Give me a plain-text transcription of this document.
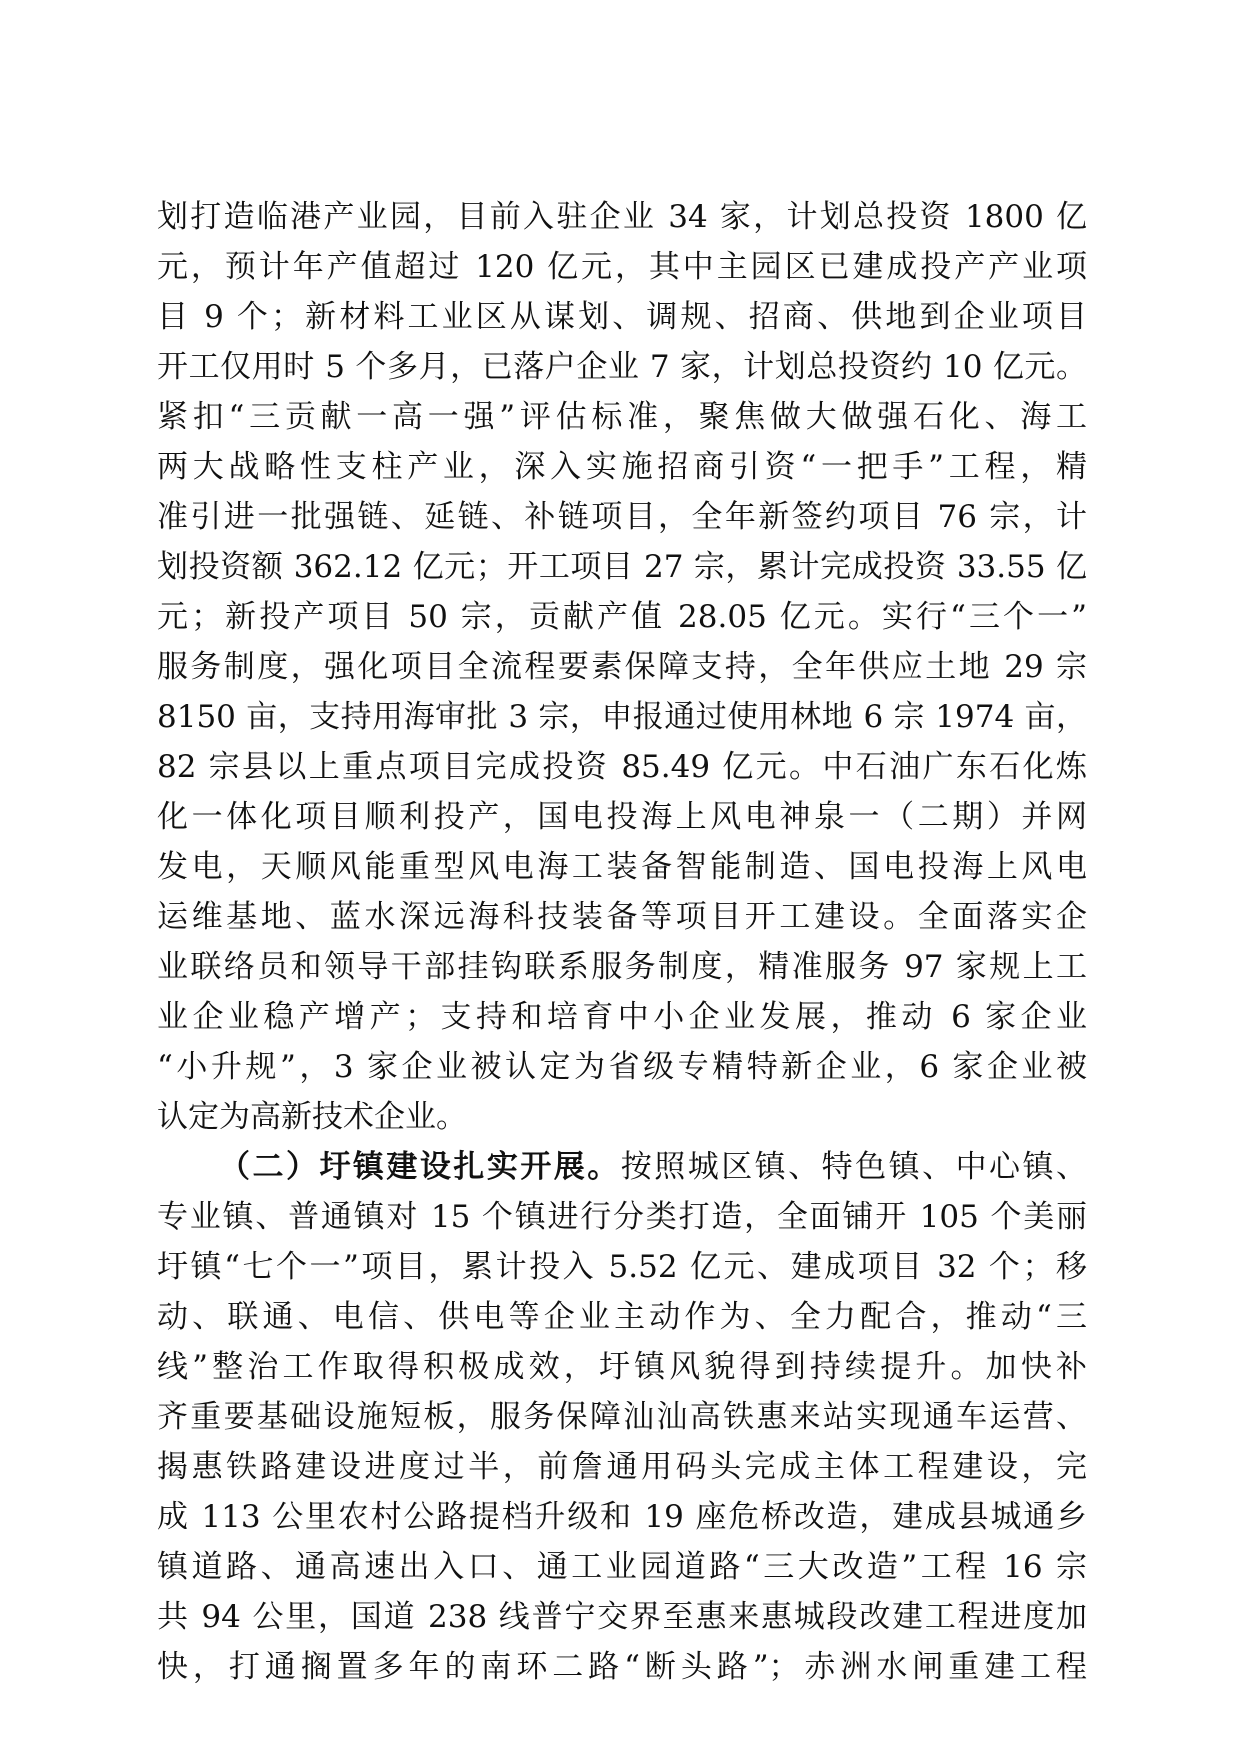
划打造临港产业园，目前入驻企业 34 家，计划总投资 1800 亿
元，预计年产值超过 120 亿元，其中主园区已建成投产产业项
目 9 个；新材料工业区从谋划、调规、招商、供地到企业项目
开工仅用时 5 个多月，已落户企业 7 家，计划总投资约 10 亿元。
紧扣“三贡献一高一强”评估标准，聚焦做大做强石化、海工
两大战略性支柱产业，深入实施招商引资“一把手”工程，精
准引进一批强链、延链、补链项目，全年新签约项目 76 宗，计
划投资额 362.12 亿元；开工项目 27 宗，累计完成投资 33.55 亿
元；新投产项目 50 宗，贡献产值 28.05 亿元。实行“三个一”
服务制度，强化项目全流程要素保障支持，全年供应土地 29 宗
8150 亩，支持用海审批 3 宗，申报通过使用林地 6 宗 1974 亩，
82 宗县以上重点项目完成投资 85.49 亿元。中石油广东石化炼
化一体化项目顺利投产，国电投海上风电神泉一（二期）并网
发电，天顺风能重型风电海工装备智能制造、国电投海上风电
运维基地、蓝水深远海科技装备等项目开工建设。全面落实企
业联络员和领导干部挂钩联系服务制度，精准服务 97 家规上工
业企业稳产增产；支持和培育中小企业发展，推动 6 家企业
“小升规”，3 家企业被认定为省级专精特新企业，6 家企业被
认定为高新技术企业。
（二）圩镇建设扎实开展。按照城区镇、特色镇、中心镇、
专业镇、普通镇对 15 个镇进行分类打造，全面铺开 105 个美丽
圩镇“七个一”项目，累计投入 5.52 亿元、建成项目 32 个；移
动、联通、电信、供电等企业主动作为、全力配合，推动“三
线”整治工作取得积极成效，圩镇风貌得到持续提升。加快补
齐重要基础设施短板，服务保障汕汕高铁惠来站实现通车运营、
揭惠铁路建设进度过半，前詹通用码头完成主体工程建设，完
成 113 公里农村公路提档升级和 19 座危桥改造，建成县城通乡
镇道路、通高速出入口、通工业园道路“三大改造”工程 16 宗
共 94 公里，国道 238 线普宁交界至惠来惠城段改建工程进度加
快，打通搁置多年的南环二路“断头路”；赤洲水闸重建工程
